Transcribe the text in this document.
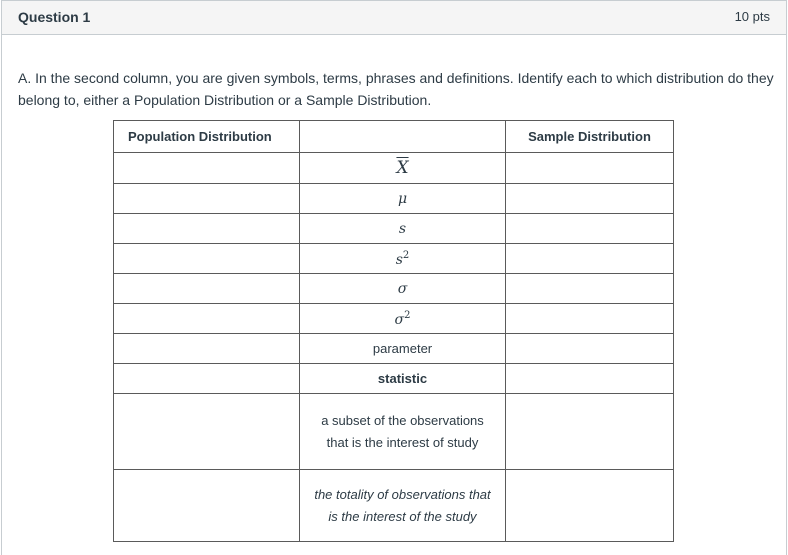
Question 1	10 pts
A. In the second column, you are given symbols, terms, phrases and definitions. Identify each to which distribution do they belong to, either a Population Distribution or a Sample Distribution.
Population Distribution		Sample Distribution
	$\overline{X}$	
	μ	
	s	
	$s^2$	
	σ	
	$\sigma^2$	
	parameter	
	statistic	
	a subset of the observations
that is the interest of study	
	the totality of observations that
is the interest of the study	
